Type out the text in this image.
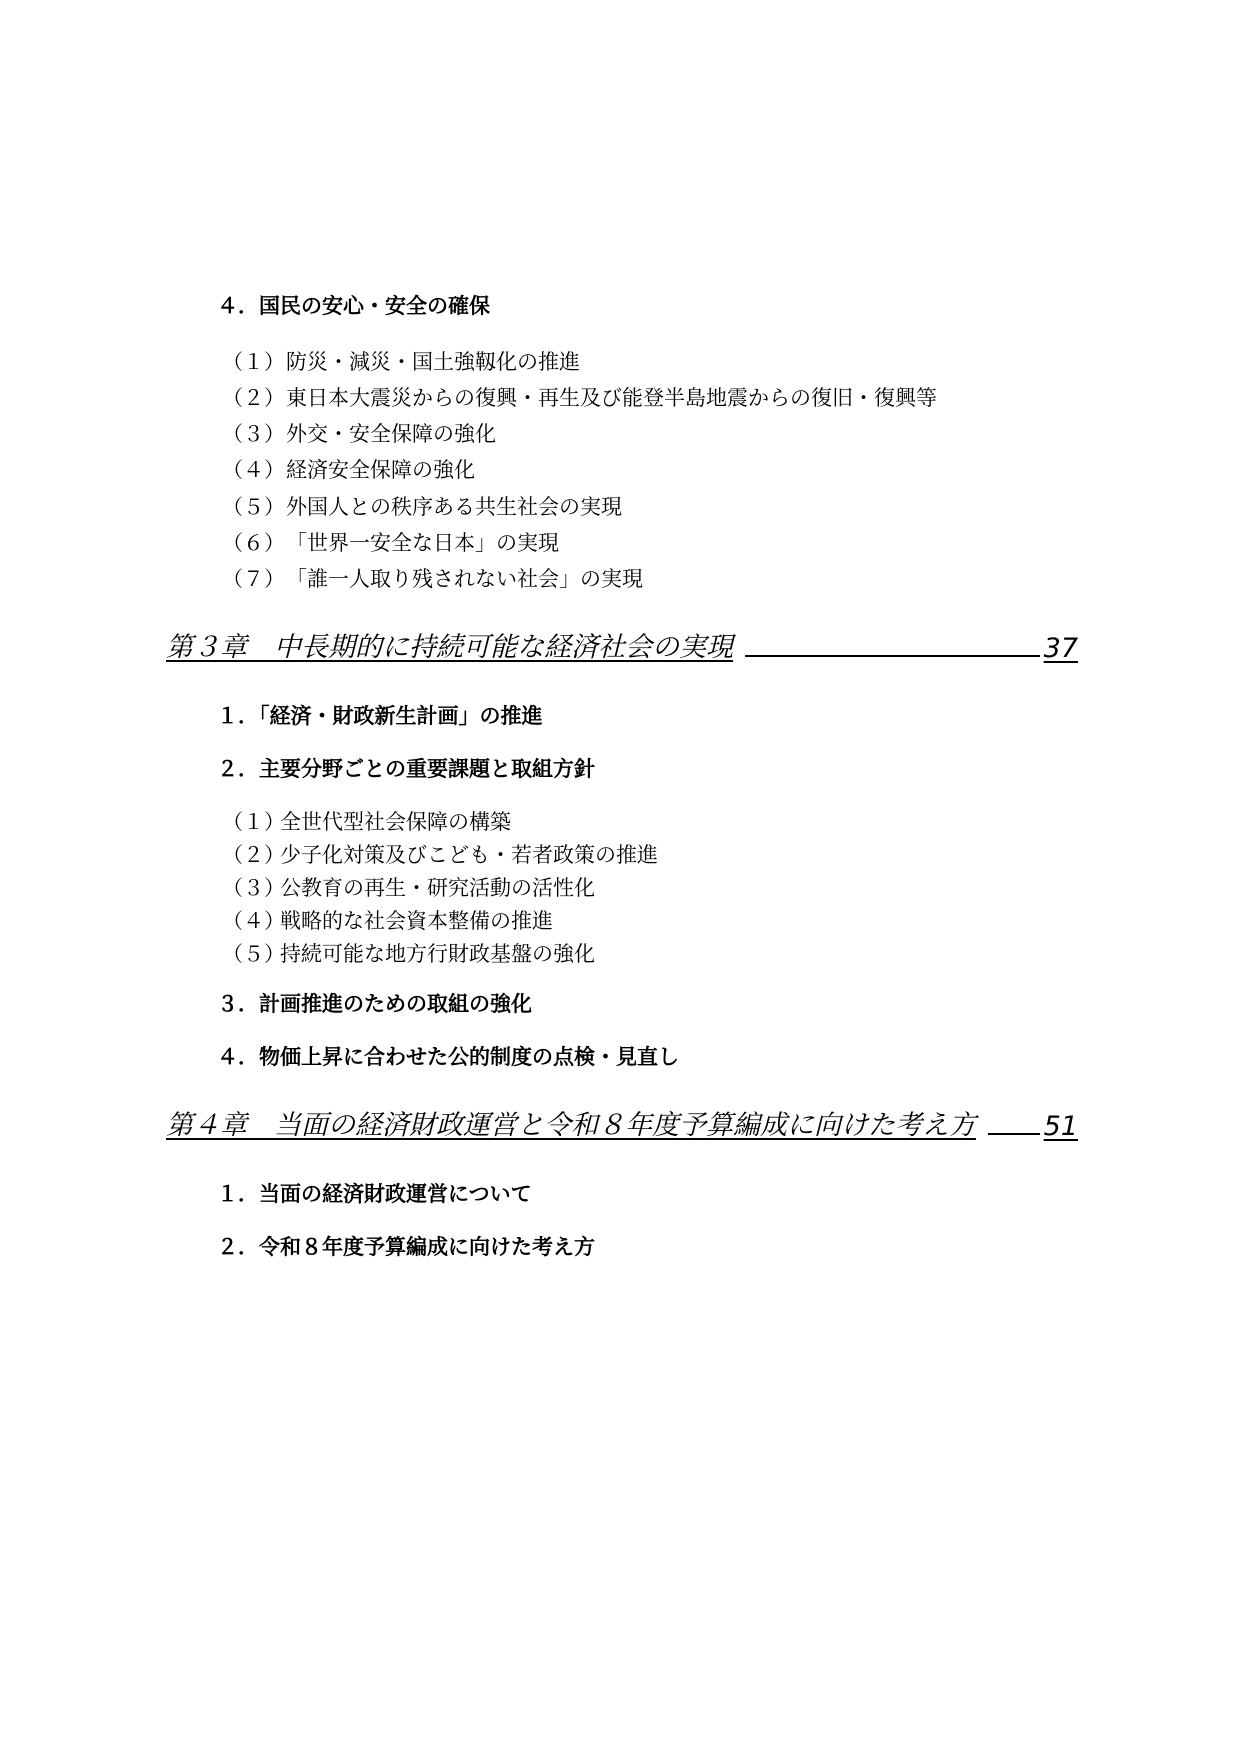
４．国民の安心・安全の確保
（１）防災・減災・国土強靱化の推進
（２）東日本大震災からの復興・再生及び能登半島地震からの復旧・復興等
（３）外交・安全保障の強化
（４）経済安全保障の強化
（５）外国人との秩序ある共生社会の実現
（６）「世界一安全な日本」の実現
（７）「誰一人取り残されない社会」の実現
第３章　中長期的に持続可能な経済社会の実現	37
１．「経済・財政新生計画」の推進
２．主要分野ごとの重要課題と取組方針
（１）全世代型社会保障の構築
（２）少子化対策及びこども・若者政策の推進
（３）公教育の再生・研究活動の活性化
（４）戦略的な社会資本整備の推進
（５）持続可能な地方行財政基盤の強化
３．計画推進のための取組の強化
４．物価上昇に合わせた公的制度の点検・見直し
第４章　当面の経済財政運営と令和８年度予算編成に向けた考え方	51
１．当面の経済財政運営について
２．令和８年度予算編成に向けた考え方
